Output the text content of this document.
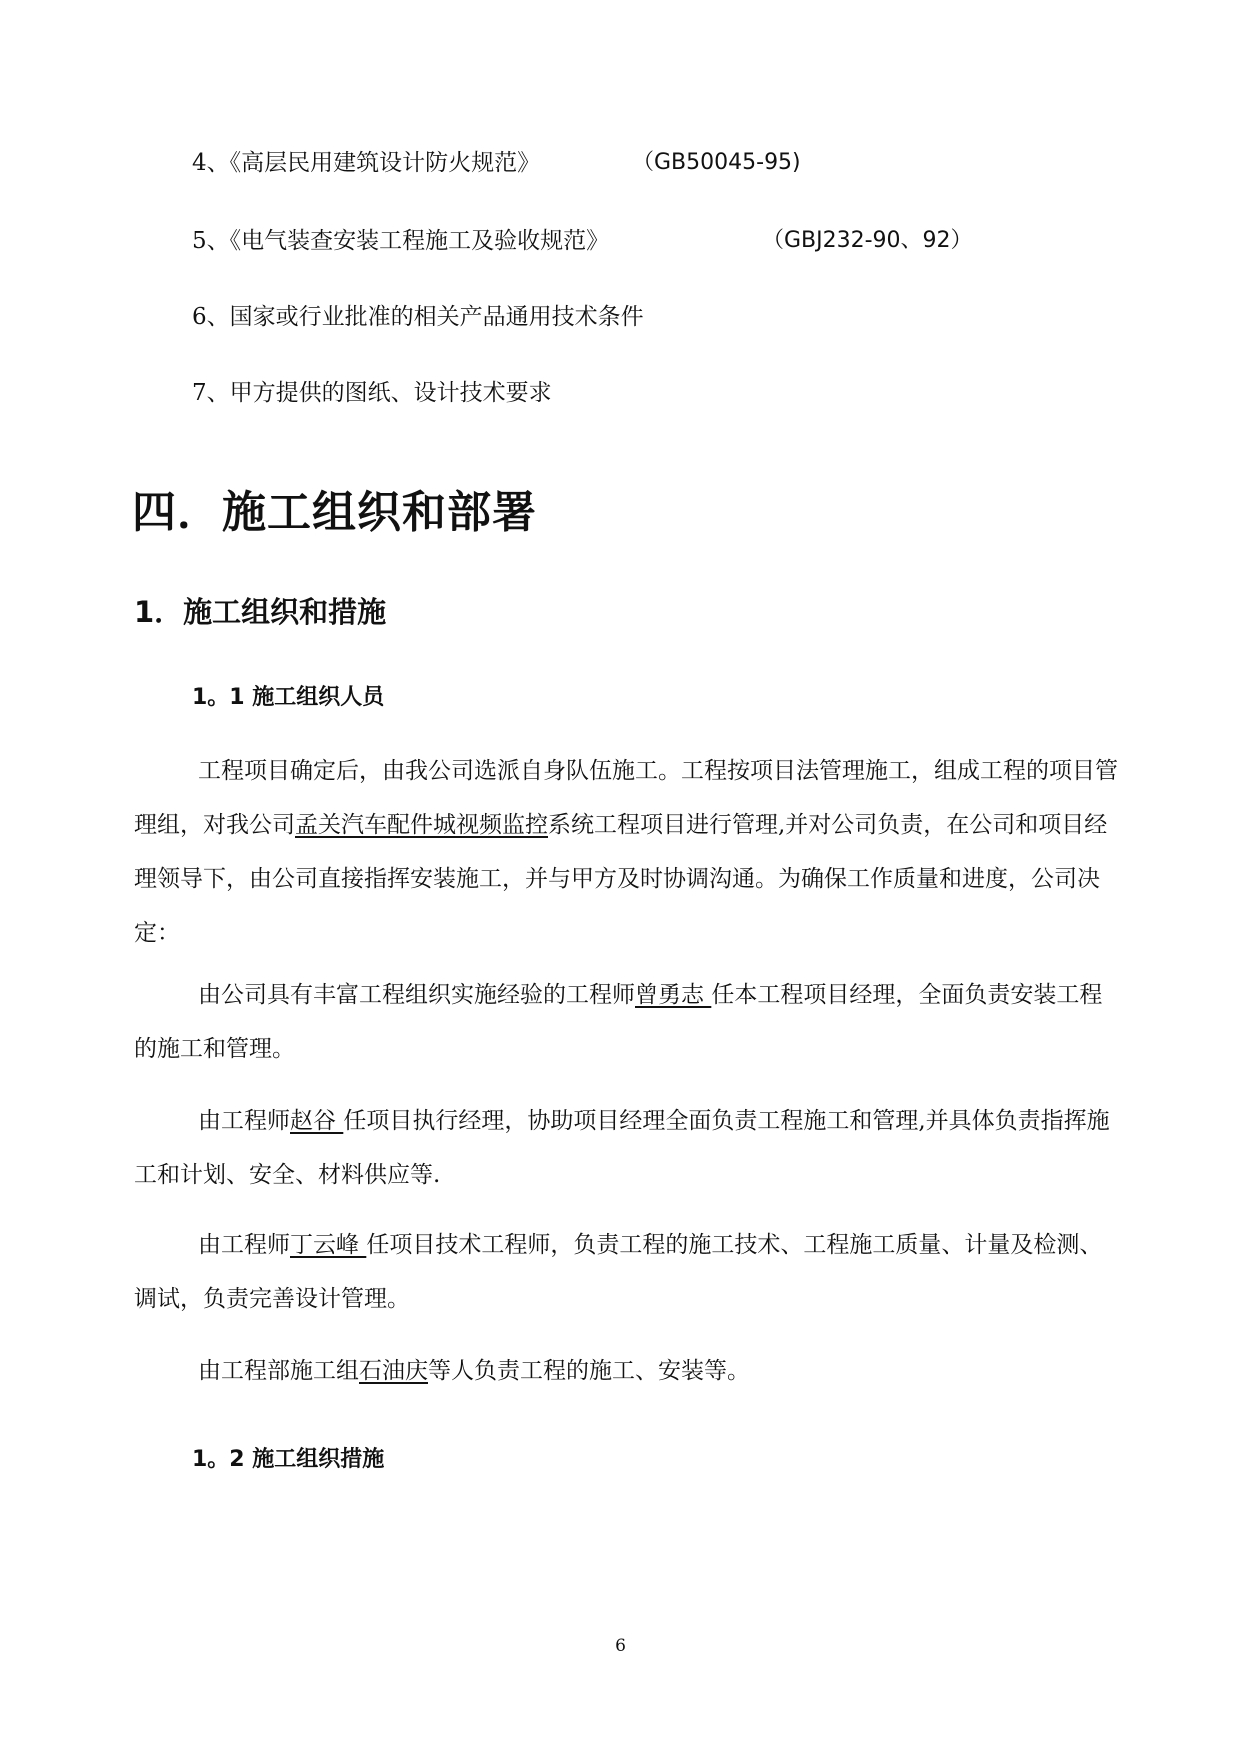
4、《高层民用建筑设计防火规范》	（GB50045-95)
5、《电气装查安装工程施工及验收规范》	（GBJ232-90、92）
6、国家或行业批准的相关产品通用技术条件
7、甲方提供的图纸、设计技术要求
四．施工组织和部署
1．施工组织和措施
1。1 施工组织人员
工程项目确定后，由我公司选派自身队伍施工。工程按项目法管理施工，组成工程的项目管理组，对我公司孟关汽车配件城视频监控系统工程项目进行管理,并对公司负责，在公司和项目经理领导下，由公司直接指挥安装施工，并与甲方及时协调沟通。为确保工作质量和进度，公司决定：
由公司具有丰富工程组织实施经验的工程师曾勇志 任本工程项目经理，全面负责安装工程的施工和管理。
由工程师赵谷 任项目执行经理，协助项目经理全面负责工程施工和管理,并具体负责指挥施工和计划、安全、材料供应等.
由工程师丁云峰 任项目技术工程师，负责工程的施工技术、工程施工质量、计量及检测、调试，负责完善设计管理。
由工程部施工组石油庆等人负责工程的施工、安装等。
1。2 施工组织措施
6
